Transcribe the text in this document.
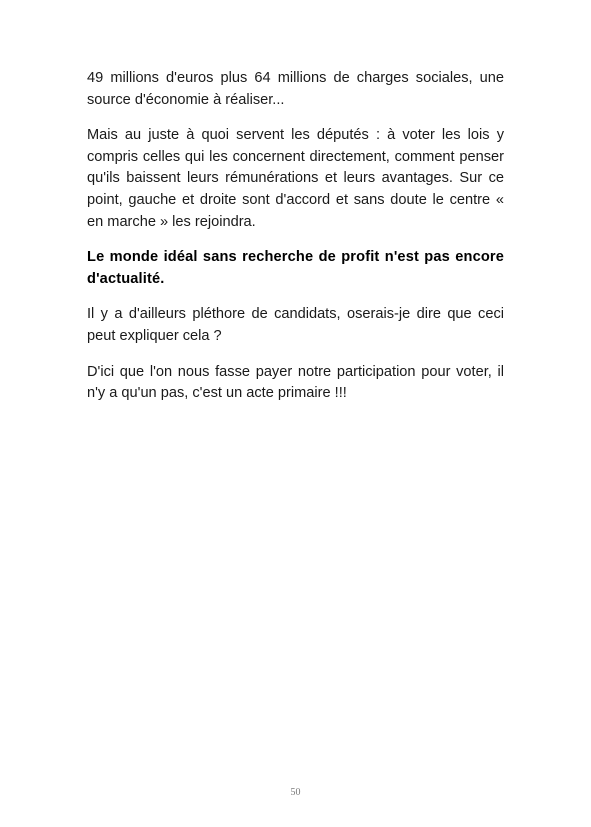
49 millions d'euros plus 64 millions de charges sociales, une source d'économie à réaliser...

Mais au juste à quoi servent les députés : à voter les lois y compris celles qui les concernent directement, comment penser qu'ils baissent leurs rémunérations et leurs avantages. Sur ce point, gauche et droite sont d'accord et sans doute le centre « en marche » les rejoindra.

Le monde idéal sans recherche de profit n'est pas encore d'actualité.

Il y a d'ailleurs pléthore de candidats, oserais-je dire que ceci peut expliquer cela ?

D'ici que l'on nous fasse payer notre participation pour voter, il n'y a qu'un pas, c'est un acte primaire !!!

50
